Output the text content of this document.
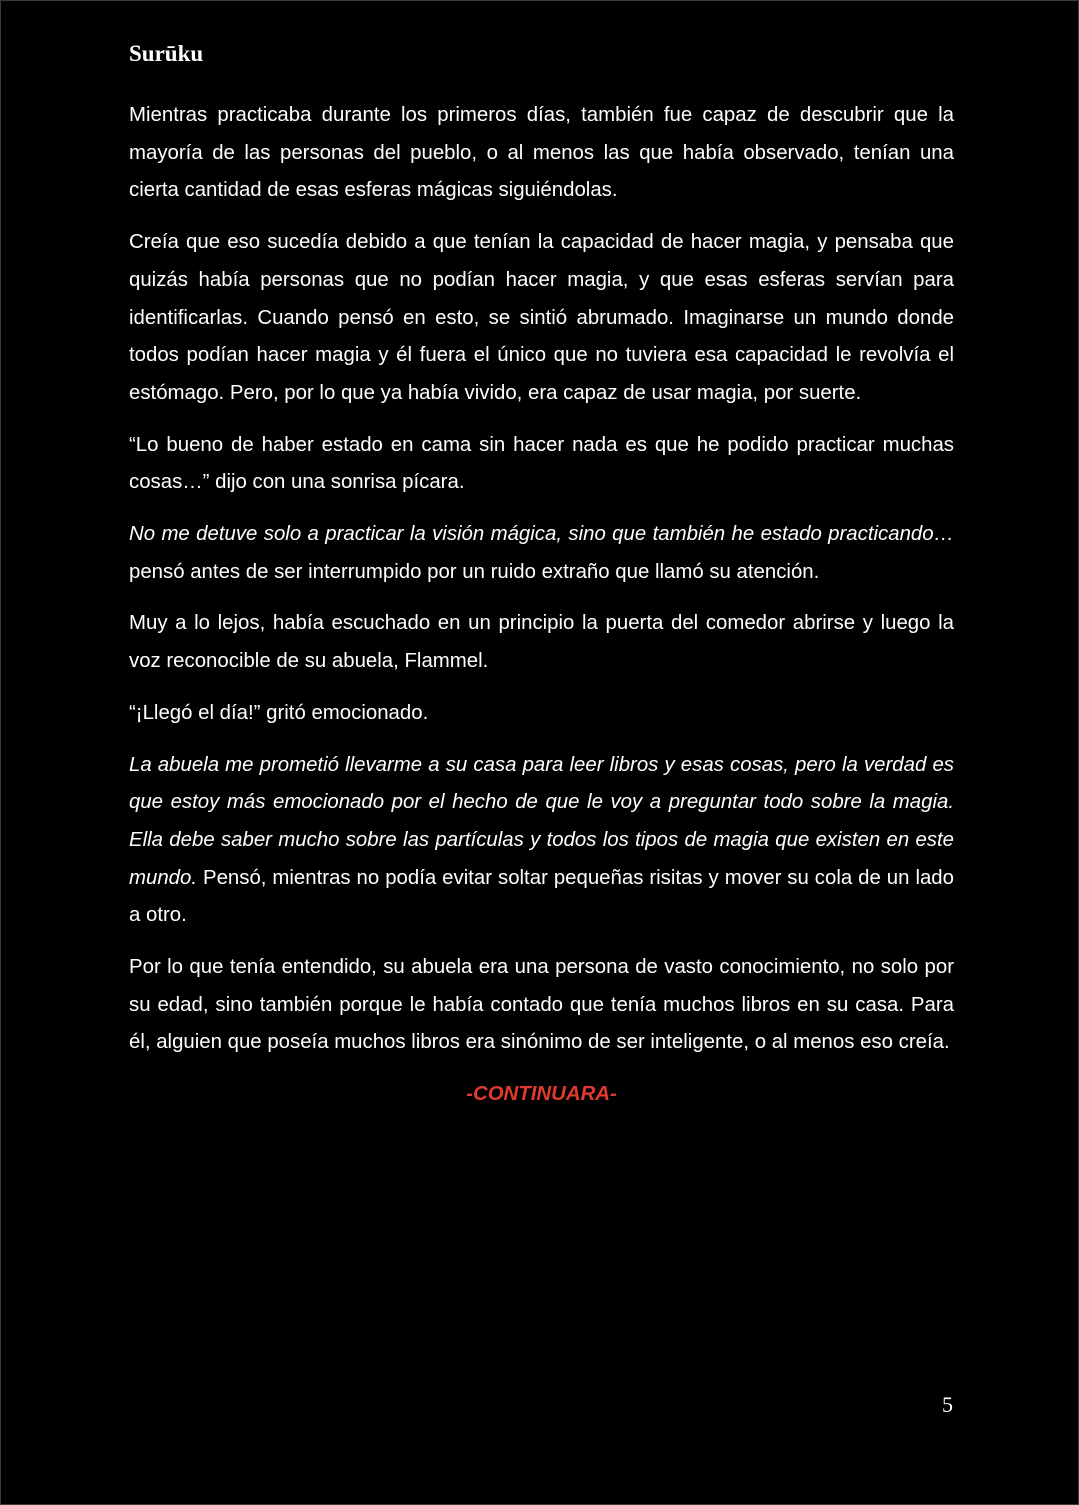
Surūku

Mientras practicaba durante los primeros días, también fue capaz de descubrir que la mayoría de las personas del pueblo, o al menos las que había observado, tenían una cierta cantidad de esas esferas mágicas siguiéndolas.

Creía que eso sucedía debido a que tenían la capacidad de hacer magia, y pensaba que quizás había personas que no podían hacer magia, y que esas esferas servían para identificarlas. Cuando pensó en esto, se sintió abrumado. Imaginarse un mundo donde todos podían hacer magia y él fuera el único que no tuviera esa capacidad le revolvía el estómago. Pero, por lo que ya había vivido, era capaz de usar magia, por suerte.

“Lo bueno de haber estado en cama sin hacer nada es que he podido practicar muchas cosas…” dijo con una sonrisa pícara.

No me detuve solo a practicar la visión mágica, sino que también he estado practicando… pensó antes de ser interrumpido por un ruido extraño que llamó su atención.

Muy a lo lejos, había escuchado en un principio la puerta del comedor abrirse y luego la voz reconocible de su abuela, Flammel.

“¡Llegó el día!” gritó emocionado.

La abuela me prometió llevarme a su casa para leer libros y esas cosas, pero la verdad es que estoy más emocionado por el hecho de que le voy a preguntar todo sobre la magia. Ella debe saber mucho sobre las partículas y todos los tipos de magia que existen en este mundo. Pensó, mientras no podía evitar soltar pequeñas risitas y mover su cola de un lado a otro.

Por lo que tenía entendido, su abuela era una persona de vasto conocimiento, no solo por su edad, sino también porque le había contado que tenía muchos libros en su casa. Para él, alguien que poseía muchos libros era sinónimo de ser inteligente, o al menos eso creía.

-CONTINUARA-
5
